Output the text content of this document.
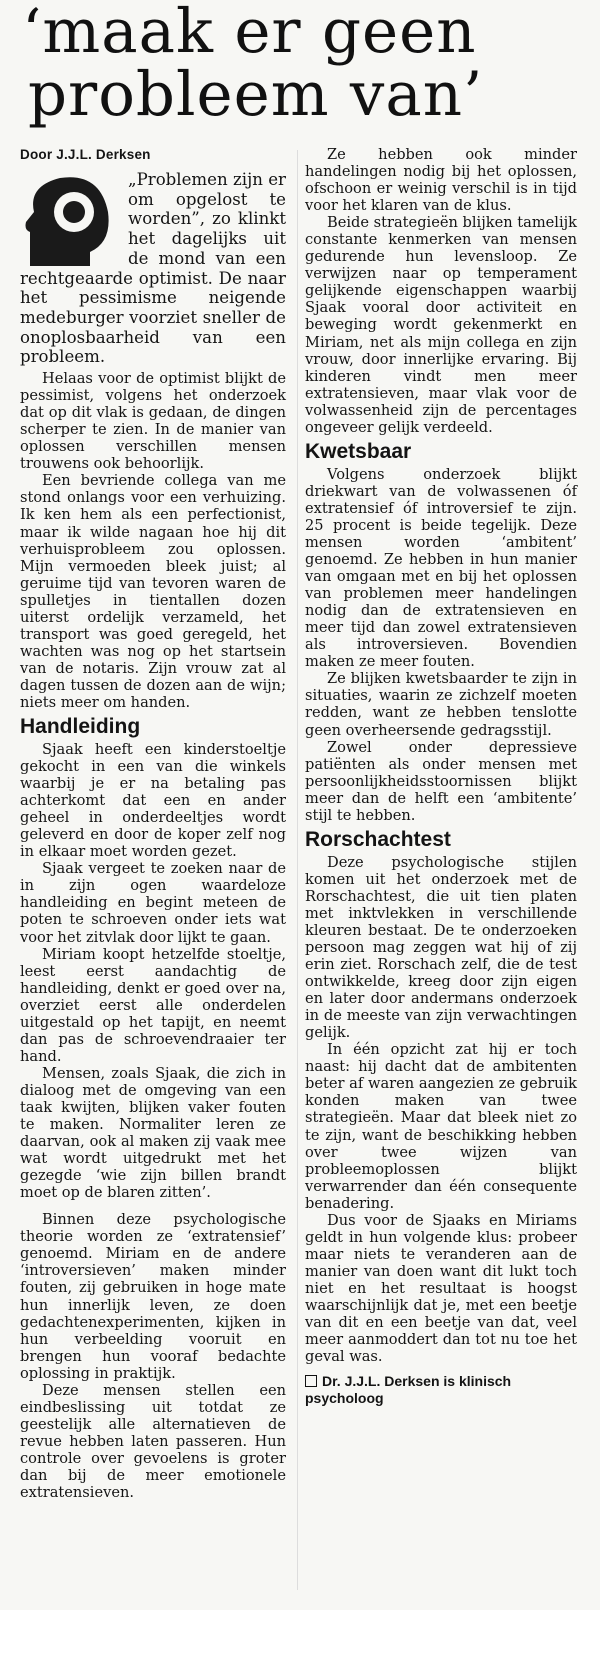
‘maak er geen
probleem van’
Door J.J.L. Derksen

„Problemen zijn er om opgelost te worden”, zo klinkt het dagelijks uit de mond van een rechtgeaarde optimist. De naar het pessimisme neigende medeburger voorziet sneller de onoplosbaarheid van een probleem.

Helaas voor de optimist blijkt de pessimist, volgens het onderzoek dat op dit vlak is gedaan, de dingen scherper te zien. In de manier van oplossen verschillen mensen trouwens ook behoorlijk.

Een bevriende collega van me stond onlangs voor een verhuizing. Ik ken hem als een perfectionist, maar ik wilde nagaan hoe hij dit verhuisprobleem zou oplossen. Mijn vermoeden bleek juist; al geruime tijd van tevoren waren de spulletjes in tientallen dozen uiterst ordelijk verzameld, het transport was goed geregeld, het wachten was nog op het startsein van de notaris. Zijn vrouw zat al dagen tussen de dozen aan de wijn; niets meer om handen.

Handleiding

Sjaak heeft een kinderstoeltje gekocht in een van die winkels waarbij je er na betaling pas achterkomt dat een en ander geheel in onderdeeltjes wordt geleverd en door de koper zelf nog in elkaar moet worden gezet.

Sjaak vergeet te zoeken naar de in zijn ogen waardeloze handleiding en begint meteen de poten te schroeven onder iets wat voor het zitvlak door lijkt te gaan.

Miriam koopt hetzelfde stoeltje, leest eerst aandachtig de handleiding, denkt er goed over na, overziet eerst alle onderdelen uitgestald op het tapijt, en neemt dan pas de schroevendraaier ter hand.

Mensen, zoals Sjaak, die zich in dialoog met de omgeving van een taak kwijten, blijken vaker fouten te maken. Normaliter leren ze daarvan, ook al maken zij vaak mee wat wordt uitgedrukt met het gezegde ‘wie zijn billen brandt moet op de blaren zitten’.

Binnen deze psychologische theorie worden ze ‘extratensief’ genoemd. Miriam en de andere ‘introversieven’ maken minder fouten, zij gebruiken in hoge mate hun innerlijk leven, ze doen gedachtenexperimenten, kijken in hun verbeelding vooruit en brengen hun vooraf bedachte oplossing in praktijk.

Deze mensen stellen een eindbeslissing uit totdat ze geestelijk alle alternatieven de revue hebben laten passeren. Hun controle over gevoelens is groter dan bij de meer emotionele extratensieven.

Ze hebben ook minder handelingen nodig bij het oplossen, ofschoon er weinig verschil is in tijd voor het klaren van de klus.

Beide strategieën blijken tamelijk constante kenmerken van mensen gedurende hun levensloop. Ze verwijzen naar op temperament gelijkende eigenschappen waarbij Sjaak vooral door activiteit en beweging wordt gekenmerkt en Miriam, net als mijn collega en zijn vrouw, door innerlijke ervaring. Bij kinderen vindt men meer extratensieven, maar vlak voor de volwassenheid zijn de percentages ongeveer gelijk verdeeld.

Kwetsbaar

Volgens onderzoek blijkt driekwart van de volwassenen óf extratensief óf introversief te zijn. 25 procent is beide tegelijk. Deze mensen worden ‘ambitent’ genoemd. Ze hebben in hun manier van omgaan met en bij het oplossen van problemen meer handelingen nodig dan de extratensieven en meer tijd dan zowel extratensieven als introversieven. Bovendien maken ze meer fouten.

Ze blijken kwetsbaarder te zijn in situaties, waarin ze zichzelf moeten redden, want ze hebben tenslotte geen overheersende gedragsstijl.

Zowel onder depressieve patiënten als onder mensen met persoonlijkheidsstoornissen blijkt meer dan de helft een ‘ambitente’ stijl te hebben.

Rorschachtest

Deze psychologische stijlen komen uit het onderzoek met de Rorschachtest, die uit tien platen met inktvlekken in verschillende kleuren bestaat. De te onderzoeken persoon mag zeggen wat hij of zij erin ziet. Rorschach zelf, die de test ontwikkelde, kreeg door zijn eigen en later door andermans onderzoek in de meeste van zijn verwachtingen gelijk.

In één opzicht zat hij er toch naast: hij dacht dat de ambitenten beter af waren aangezien ze gebruik konden maken van twee strategieën. Maar dat bleek niet zo te zijn, want de beschikking hebben over twee wijzen van probleemoplossen blijkt verwarrender dan één consequente benadering.

Dus voor de Sjaaks en Miriams geldt in hun volgende klus: probeer maar niets te veranderen aan de manier van doen want dit lukt toch niet en het resultaat is hoogst waarschijnlijk dat je, met een beetje van dit en een beetje van dat, veel meer aanmoddert dan tot nu toe het geval was.

Dr. J.J.L. Derksen is klinisch psycholoog
